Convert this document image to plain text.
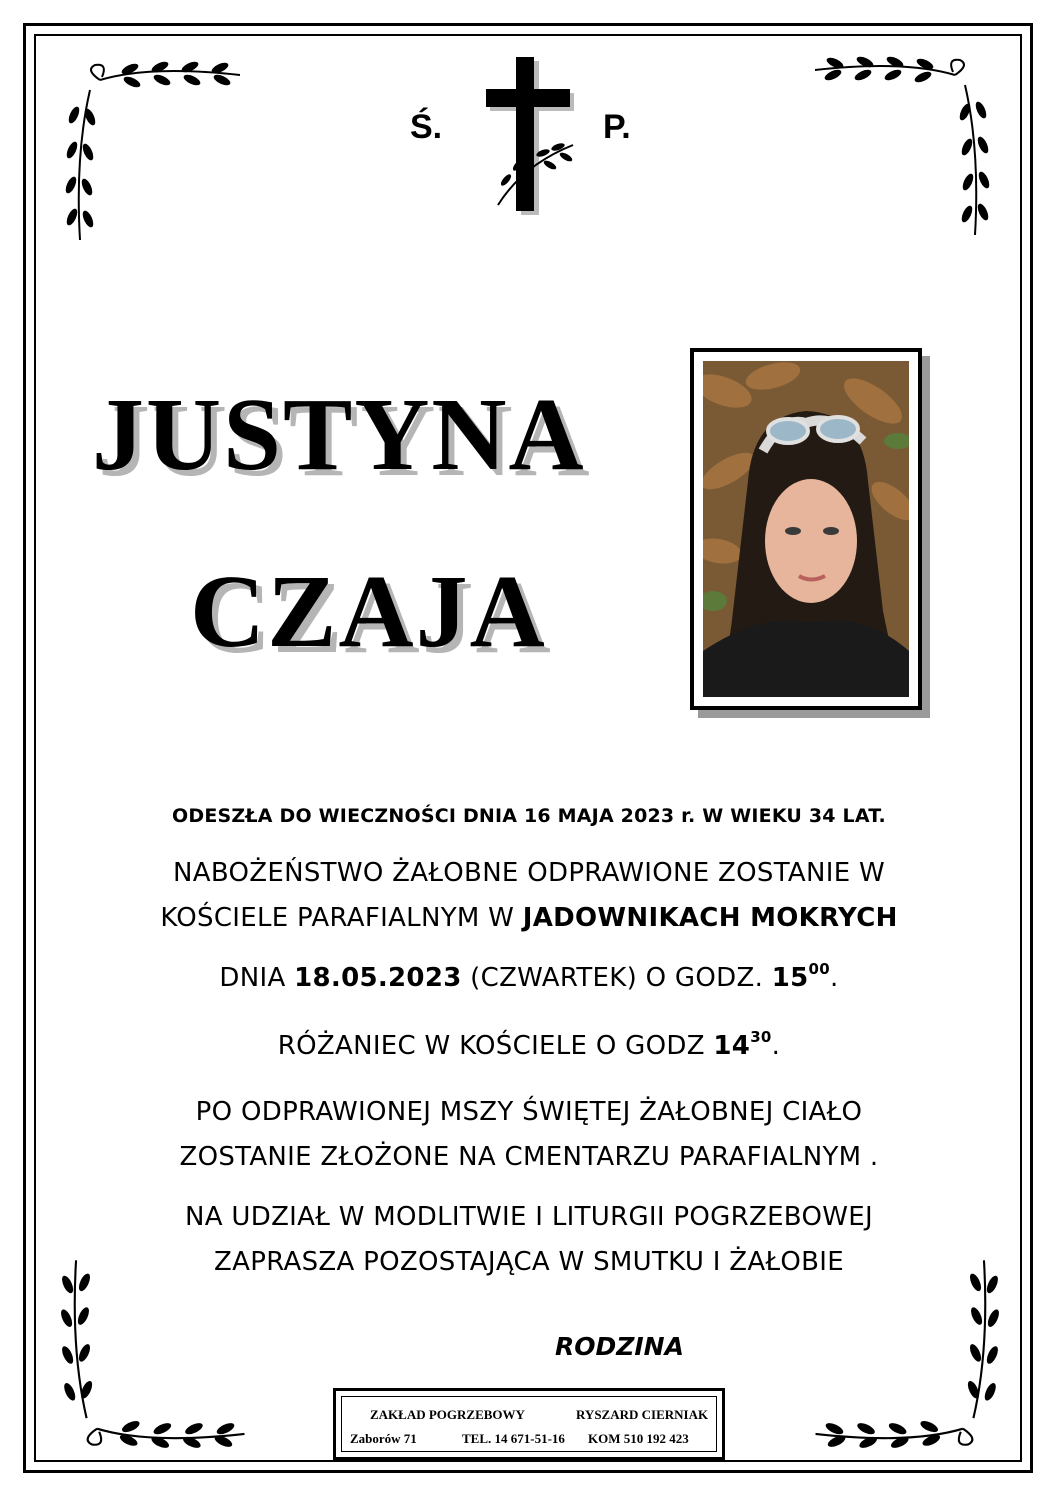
Ś.	P.
JUSTYNA
CZAJA
ODESZŁA DO WIECZNOŚCI DNIA 16 MAJA 2023 r. W WIEKU 34 LAT.
NABOŻEŃSTWO ŻAŁOBNE ODPRAWIONE ZOSTANIE W
KOŚCIELE PARAFIALNYM W JADOWNIKACH MOKRYCH
DNIA 18.05.2023 (CZWARTEK) O GODZ. $15^{00}$.
RÓŻANIEC W KOŚCIELE O GODZ $14^{30}$.
PO ODPRAWIONEJ MSZY ŚWIĘTEJ ŻAŁOBNEJ CIAŁO
ZOSTANIE ZŁOŻONE NA CMENTARZU PARAFIALNYM .
NA UDZIAŁ W MODLITWIE I LITURGII POGRZEBOWEJ
ZAPRASZA POZOSTAJĄCA W SMUTKU I ŻAŁOBIE
RODZINA
ZAKŁAD POGRZEBOWY	RYSZARD CIERNIAK
Zaborów 71	TEL. 14 671-51-16 KOM 510 192 423
